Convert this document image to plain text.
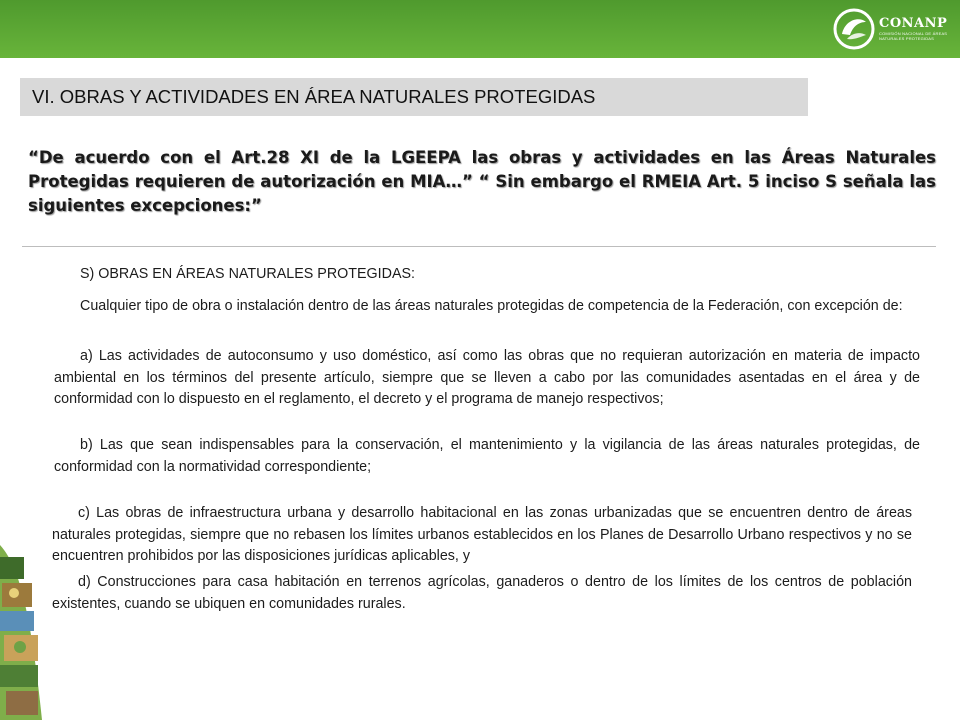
CONANP
COMISIÓN NACIONAL DE ÁREAS NATURALES PROTEGIDAS
VI. OBRAS Y ACTIVIDADES EN ÁREA NATURALES PROTEGIDAS
“De acuerdo con el Art.28 XI de la LGEEPA las obras y actividades en las Áreas Naturales Protegidas requieren de autorización en MIA…” “ Sin embargo el RMEIA Art. 5 inciso S señala las siguientes excepciones:”

S) OBRAS EN ÁREAS NATURALES PROTEGIDAS:

Cualquier tipo de obra o instalación dentro de las áreas naturales protegidas de competencia de la Federación, con excepción de:

a) Las actividades de autoconsumo y uso doméstico, así como las obras que no requieran autorización en materia de impacto ambiental en los términos del presente artículo, siempre que se lleven a cabo por las comunidades asentadas en el área y de conformidad con lo dispuesto en el reglamento, el decreto y el programa de manejo respectivos;

b) Las que sean indispensables para la conservación, el mantenimiento y la vigilancia de las áreas naturales protegidas, de conformidad con la normatividad correspondiente;

c) Las obras de infraestructura urbana y desarrollo habitacional en las zonas urbanizadas que se encuentren dentro de áreas naturales protegidas, siempre que no rebasen los límites urbanos establecidos en los Planes de Desarrollo Urbano respectivos y no se encuentren prohibidos por las disposiciones jurídicas aplicables, y

d) Construcciones para casa habitación en terrenos agrícolas, ganaderos o dentro de los límites de los centros de población existentes, cuando se ubiquen en comunidades rurales.
